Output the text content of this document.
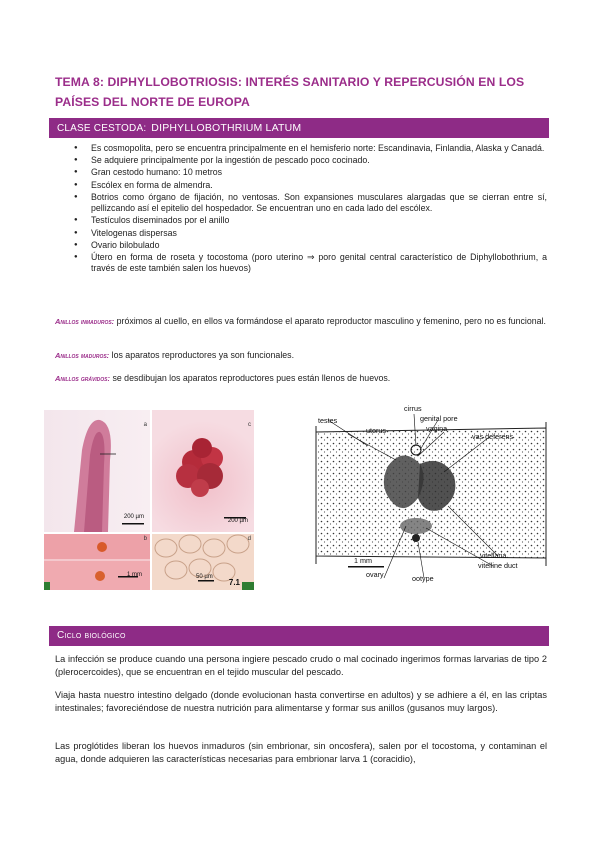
TEMA 8: DIPHYLLOBOTRIOSIS: INTERÉS SANITARIO Y REPERCUSIÓN EN LOS PAÍSES DEL NORTE DE EUROPA
CLASE CESTODA: DIPHYLLOBOTHRIUM LATUM
● Es cosmopolita, pero se encuentra principalmente en el hemisferio norte: Escandinavia, Finlandia, Alaska y Canadá.
● Se adquiere principalmente por la ingestión de pescado poco cocinado.
● Gran cestodo humano: 10 metros
● Escólex en forma de almendra.
● Botrios como órgano de fijación, no ventosas. Son expansiones musculares alargadas que se cierran entre sí, pellizcando así el epitelio del hospedador. Se encuentran uno en cada lado del escólex.
● Testículos diseminados por el anillo
● Vitelogenas dispersas
● Ovario bilobulado
● Útero en forma de roseta y tocostoma (poro uterino ⇒ poro genital central característico de Diphyllobothrium, a través de este también salen los huevos)
Anillos inmaduros: próximos al cuello, en ellos va formándose el aparato reproductor masculino y femenino, pero no es funcional.
Anillos maduros: los aparatos reproductores ya son funcionales.
Anillos grávidos: se desdibujan los aparatos reproductores pues están llenos de huevos.
a
200 µm
c
200 µm
b
1 mm
d
50 µm
7.1
testes
cirrus
genital pore
uterus	vagina
vas deferens
vitellaria
vitelline duct
ovary	ootype
1 mm
Ciclo biológico
La infección se produce cuando una persona ingiere pescado crudo o mal cocinado ingerimos formas larvarias de tipo 2 (plerocercoides), que se encuentran en el tejido muscular del pescado.
Viaja hasta nuestro intestino delgado (donde evolucionan hasta convertirse en adultos) y se adhiere a él, en las criptas intestinales; favoreciéndose de nuestra nutrición para alimentarse y formar sus anillos (gusanos muy largos).
Las proglótides liberan los huevos inmaduros (sin embrionar, sin oncosfera), salen por el tocostoma, y contaminan el agua, donde adquieren las características necesarias para embrionar larva 1 (coracidio),
